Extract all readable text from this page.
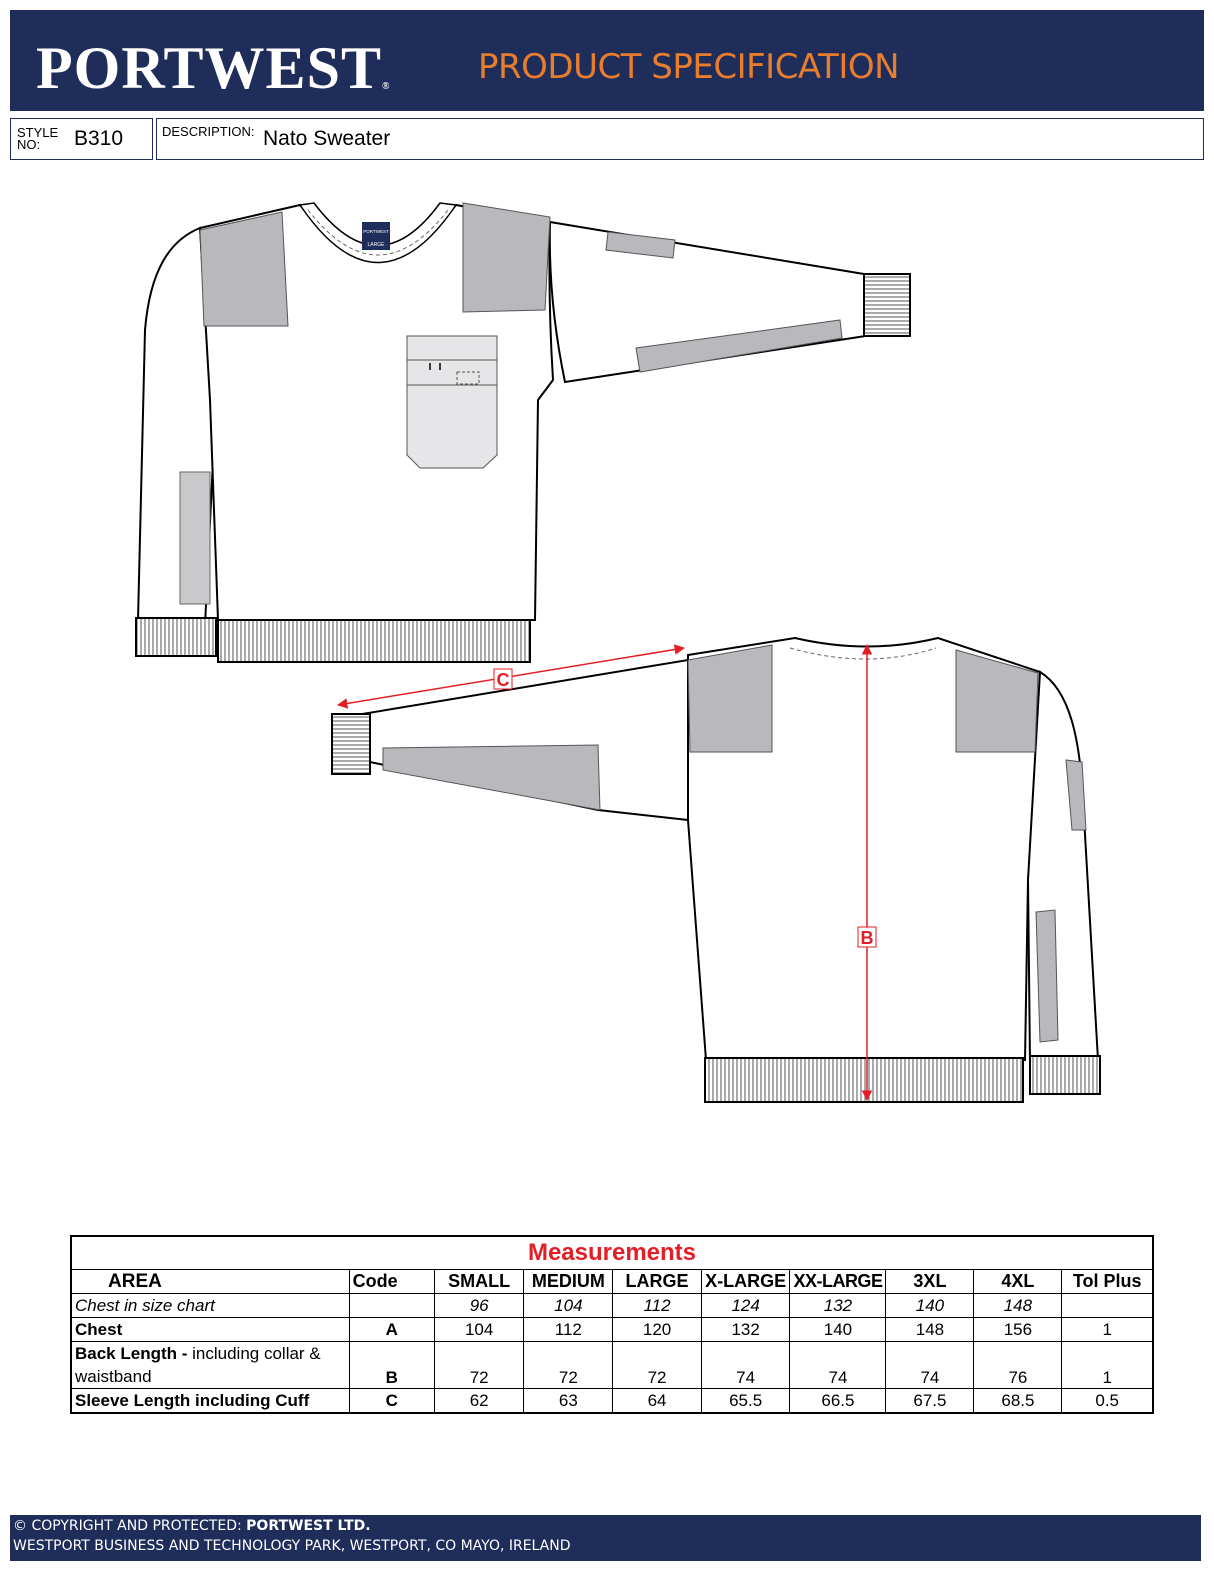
PORTWEST®	PRODUCT SPECIFICATION
STYLE
NO: B310	DESCRIPTION: Nato Sweater
PORTWEST
LARGE
C
B
Measurements									
AREA	Code	SMALL	MEDIUM	LARGE	X-LARGE	XX-LARGE	3XL	4XL	Tol Plus
Chest in size chart		96	104	112	124	132	140	148	
Chest	A	104	112	120	132	140	148	156	1
Back Length - including collar & waistband	B	72	72	72	74	74	74	76	1
Sleeve Length including Cuff	C	62	63	64	65.5	66.5	67.5	68.5	0.5
© COPYRIGHT AND PROTECTED: PORTWEST LTD.
WESTPORT BUSINESS AND TECHNOLOGY PARK, WESTPORT, CO MAYO, IRELAND
